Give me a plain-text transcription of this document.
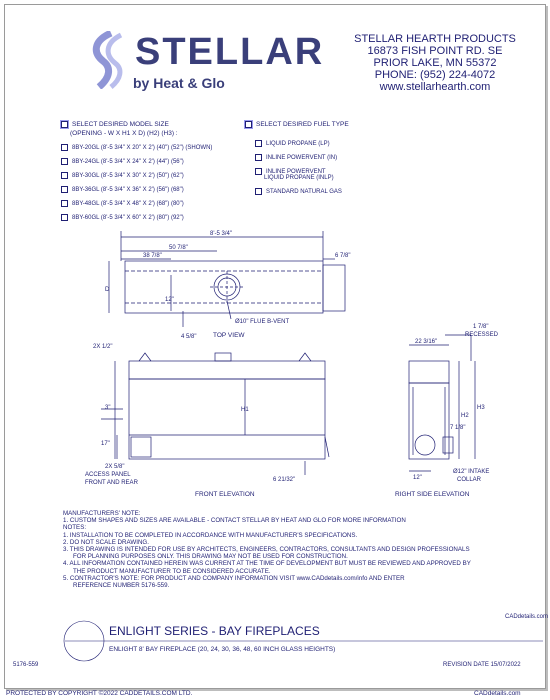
STELLAR
by Heat & Glo
STELLAR HEARTH PRODUCTS
16873 FISH POINT RD. SE
PRIOR LAKE, MN 55372
PHONE: (952) 224-4072
www.stellarhearth.com
SELECT DESIRED MODEL SIZE
(OPENING - W X H1 X D) (H2) (H3) :
8BY-20GL (8'-5 3/4" X 20" X 2') (40") (52") (SHOWN)
8BY-24GL (8'-5 3/4" X 24" X 2') (44") (56")
8BY-30GL (8'-5 3/4" X 30" X 2') (50") (62")
8BY-36GL (8'-5 3/4" X 36" X 2') (56") (68")
8BY-48GL (8'-5 3/4" X 48" X 2') (68") (80")
8BY-60GL (8'-5 3/4" X 60" X 2') (80") (92")
SELECT DESIRED FUEL TYPE
LIQUID PROPANE (LP)
INLINE POWERVENT (IN)
INLINE POWERVENT
LIQUID PROPANE (INLP)
STANDARD NATURAL GAS
8'-5 3/4"
50 7/8"
38 7/8"	6 7/8"
D
12"
4 5/8"
Ø10" FLUE B-VENT
TOP VIEW
2X 1/2"
3"	H1
17"
2X 5/8"
ACCESS PANEL
FRONT AND REAR	6 21/32"
FRONT ELEVATION
1 7/8"
RECESSED
22 3/16"
H2
H3
7 1/8"
12"
Ø12" INTAKE
COLLAR
RIGHT SIDE ELEVATION
MANUFACTURERS' NOTE:
1. CUSTOM SHAPES AND SIZES ARE AVAILABLE - CONTACT STELLAR BY HEAT AND GLO FOR MORE INFORMATION
NOTES:
1. INSTALLATION TO BE COMPLETED IN ACCORDANCE WITH MANUFACTURER'S SPECIFICATIONS.
2. DO NOT SCALE DRAWING.
3. THIS DRAWING IS INTENDED FOR USE BY ARCHITECTS, ENGINEERS, CONTRACTORS, CONSULTANTS AND DESIGN PROFESSIONALS
FOR PLANNING PURPOSES ONLY. THIS DRAWING MAY NOT BE USED FOR CONSTRUCTION.
4. ALL INFORMATION CONTAINED HEREIN WAS CURRENT AT THE TIME OF DEVELOPMENT BUT MUST BE REVIEWED AND APPROVED BY
THE PRODUCT MANUFACTURER TO BE CONSIDERED ACCURATE.
5. CONTRACTOR'S NOTE: FOR PRODUCT AND COMPANY INFORMATION VISIT www.CADdetails.com/info AND ENTER
REFERENCE NUMBER 5176-559.
CADdetails.com
ENLIGHT SERIES - BAY FIREPLACES
ENLIGHT 8' BAY FIREPLACE (20, 24, 30, 36, 48, 60 INCH GLASS HEIGHTS)
5176-559	REVISION DATE 15/07/2022
PROTECTED BY COPYRIGHT ©2022 CADDETAILS.COM LTD.	CADdetails.com
